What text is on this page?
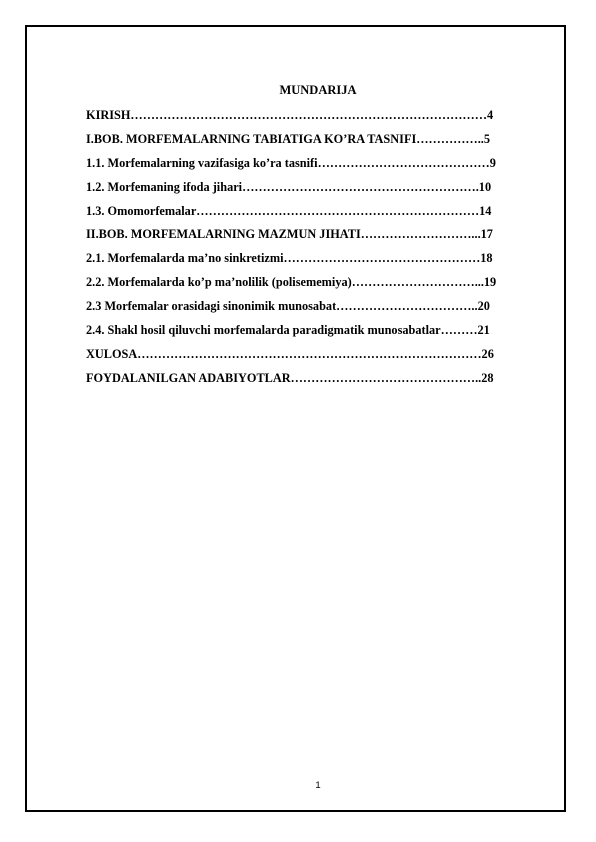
MUNDARIJA
KIRISH……………………………………………………………………………4
I.BOB. MORFEMALARNING TABIATIGA KO’RA TASNIFI……………..5
1.1. Morfemalarning vazifasiga ko’ra tasnifi……………………………………9
1.2. Morfemaning ifoda jihari………………………………………………….10
1.3. Omomorfemalar……………………………………………………………14
II.BOB. MORFEMALARNING MAZMUN JIHATI………………………...17
2.1. Morfemalarda ma’no sinkretizmi…………………………………………18
2.2. Morfemalarda ko’p ma’nolilik (polisememiya)…………………………...19
2.3 Morfemalar orasidagi sinonimik munosabat……………………………..20
2.4. Shakl hosil qiluvchi morfemalarda paradigmatik munosabatlar………21
XULOSA…………………………………………………………………………26
FOYDALANILGAN ADABIYOTLAR………………………………………..28
1
